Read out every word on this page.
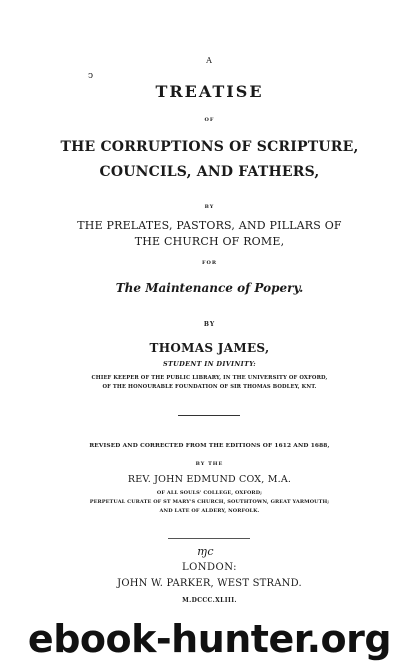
ↄ
A
TREATISE
OF
THE CORRUPTIONS OF SCRIPTURE,
COUNCILS, AND FATHERS,
BY
THE PRELATES, PASTORS, AND PILLARS OF
THE CHURCH OF ROME,
FOR
The Maintenance of Popery.
BY
THOMAS JAMES,
STUDENT IN DIVINITY:
CHIEF KEEPER OF THE PUBLIC LIBRARY, IN THE UNIVERSITY OF OXFORD,
OF THE HONOURABLE FOUNDATION OF SIR THOMAS BODLEY, KNT.
REVISED AND CORRECTED FROM THE EDITIONS OF 1612 AND 1688,
BY THE
REV. JOHN EDMUND COX, M.A.
OF ALL SOULS' COLLEGE, OXFORD;
PERPETUAL CURATE OF ST MARY'S CHURCH, SOUTHTOWN, GREAT YARMOUTH;
AND LATE OF ALDERY, NORFOLK.
ɱc
LONDON:
JOHN W. PARKER, WEST STRAND.
M.DCCC.XLIII.
ebook-hunter.org
